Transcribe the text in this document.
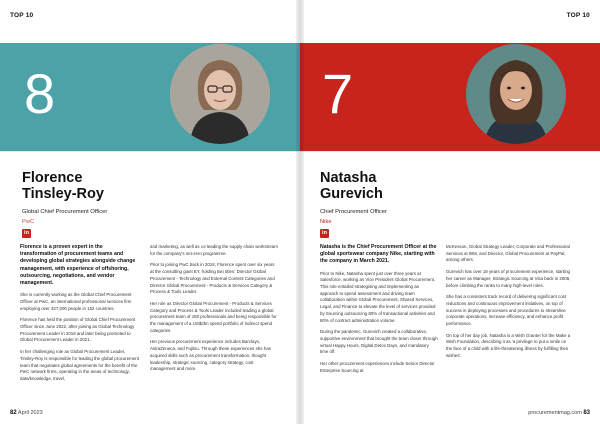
TOP 10
8
Florence
Tinsley-Roy
Global Chief Procurement Officer
PwC
in

Florence is a proven expert in the transformation of procurement teams and developing global strategies alongside change management, with experience of offshoring, outsourcing, negotiations, and vendor management.

She is currently working as the Global Chief Procurement Officer at PwC, an international professional services firm employing over 327,000 people in 152 countries.

Florence has held the position of Global Chief Procurement Officer since June 2022, after joining as Global Technology Procurement Leader in 2018 and later being promoted to Global Procurement Leader in 2021.

In her challenging role as Global Procurement Leader, Tinsley-Roy is responsible for leading the global procurement team that negotiates global agreements for the benefit of the PwC network firms, operating in the areas of technology, data/knowledge, travel,

and marketing, as well as co-leading the supply chain workstream for the company's net-zero programme.

Prior to joining PwC back in 2018, Florence spent over six years at the consulting giant EY, holding two titles: Director Global Procurement - Technology and External Content Categories and Director Global Procurement - Products & Services Category & Process & Tools Leader.

Her role as Director Global Procurement - Products & Services Category and Process & Tools Leader included leading a global procurement team of 150 professionals and being responsible for the management of a US$2bn spend portfolio of indirect spend categories.

Her previous procurement experience includes Barclays, AstraZeneca, and Fujitsu. Through these experiences she has acquired skills such as procurement transformation, thought leadership, strategic sourcing, category strategy, cost management and more.

82 April 2023
TOP 10
7
Natasha
Gurevich
Chief Procurement Officer
Nike
in

Natasha is the Chief Procurement Officer at the global sportswear company Nike, starting with the company in March 2021.

Prior to Nike, Natasha spent just over three years at Salesforce, working as Vice President Global Procurement. This role entailed strategising and implementing an approach to spend assessment and driving team collaboration within Global Procurement, Shared Services, Legal, and Finance to elevate the level of services provided by Sourcing outsourcing 80% of transactional activities and 80% of contract administration volume.

During the pandemic, Gurevich created a collaborative, supportive environment that brought the team closer through virtual Happy Hours, Digital Detox Days, and mandatory time off.

Her other procurement experiences include Senior Director Enterprise Sourcing at

McKesson, Global Strategy Leader, Corporate and Professional Services at IBM, and Director, Global Procurement at PayPal, among others.

Gurevich has over 18 years of procurement experience, starting her career as Manager, Strategic Sourcing at Visa back in 2005, before climbing the ranks to many high-level roles.

She has a consistent track record of delivering significant cost reductions and continuous improvement initiatives, on top of success in deploying processes and procedures to streamline corporate operations, increase efficiency, and enhance profit performance.

On top of her day job, Natasha is a Wish Granter for the Make a Wish Foundation, describing it as 'a privilege to put a smile on the face of a child with a life-threatening illness by fulfilling their wishes'.

procurementmag.com 83
